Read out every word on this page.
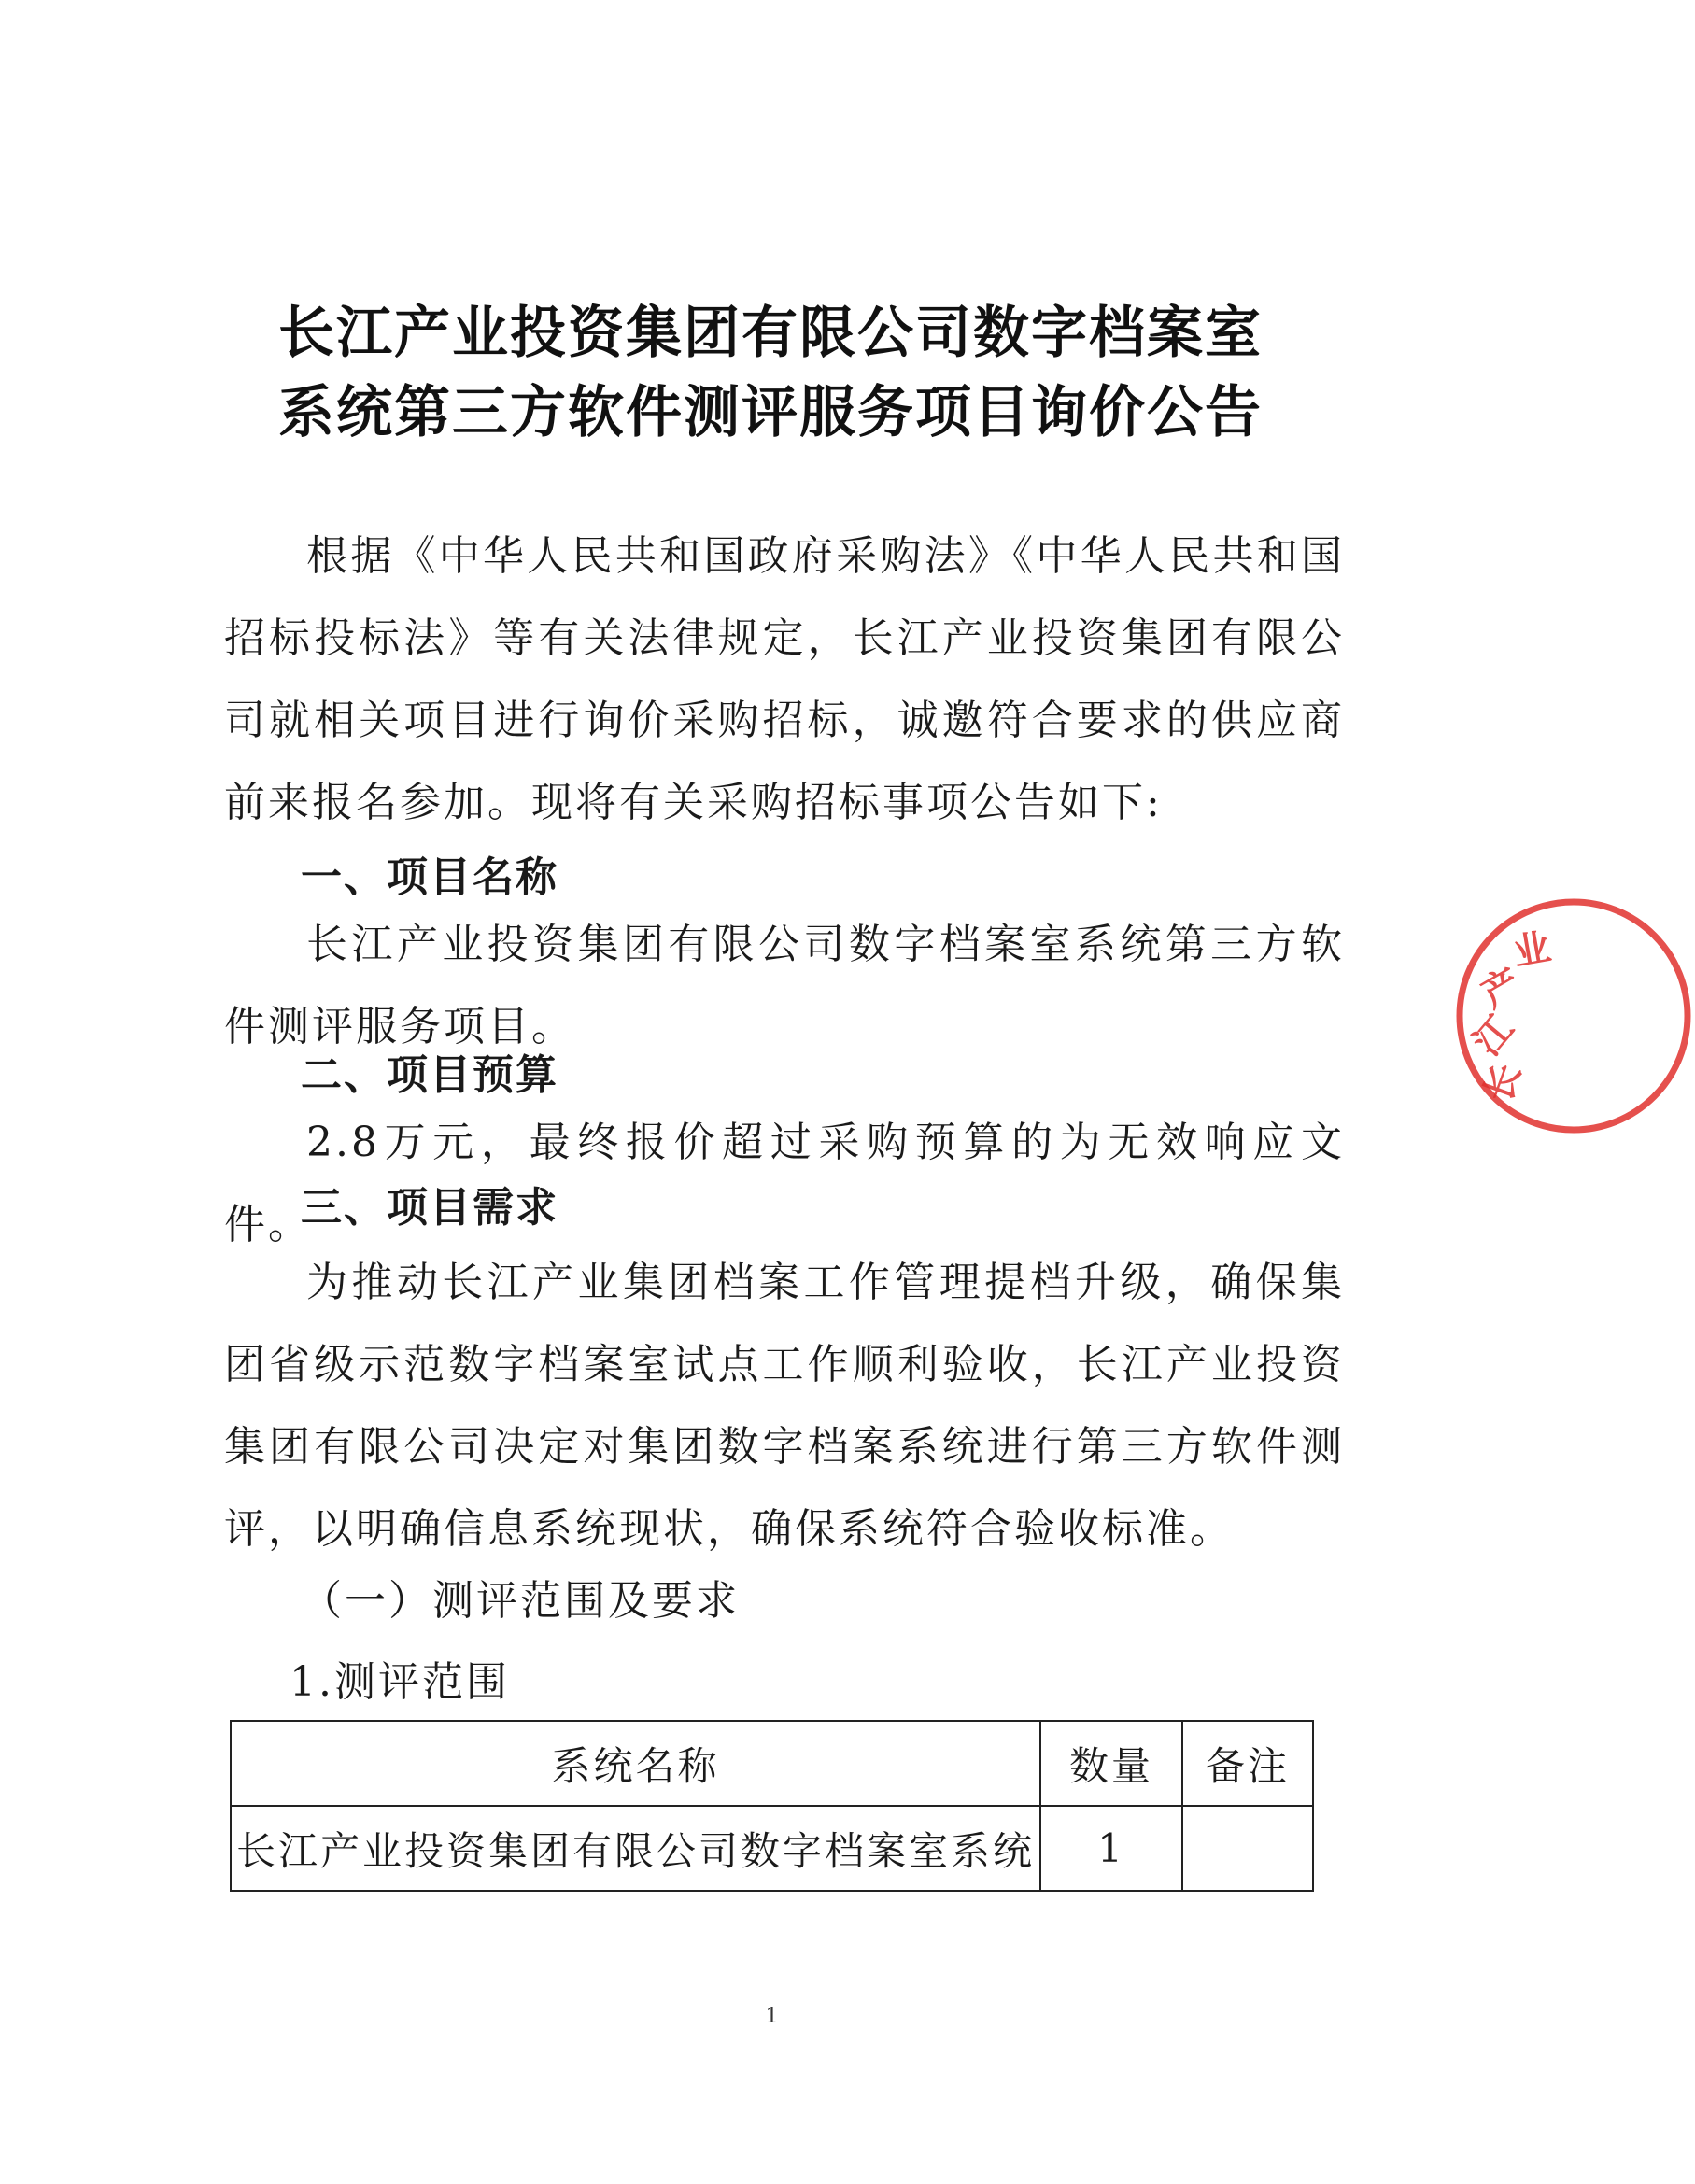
长江产业投资集团有限公司数字档案室
系统第三方软件测评服务项目询价公告

根据《中华人民共和国政府采购法》《中华人民共和国招标投标法》等有关法律规定，长江产业投资集团有限公司就相关项目进行询价采购招标，诚邀符合要求的供应商前来报名参加。现将有关采购招标事项公告如下:

一、项目名称

长江产业投资集团有限公司数字档案室系统第三方软件测评服务项目。

二、项目预算

2.8万元，最终报价超过采购预算的为无效响应文件。

三、项目需求

为推动长江产业集团档案工作管理提档升级，确保集团省级示范数字档案室试点工作顺利验收，长江产业投资集团有限公司决定对集团数字档案系统进行第三方软件测评，以明确信息系统现状，确保系统符合验收标准。

（一）测评范围及要求
1.测评范围
系统名称	数量	备注
长江产业投资集团有限公司数字档案室系统	1	
1
长
江
产
业
